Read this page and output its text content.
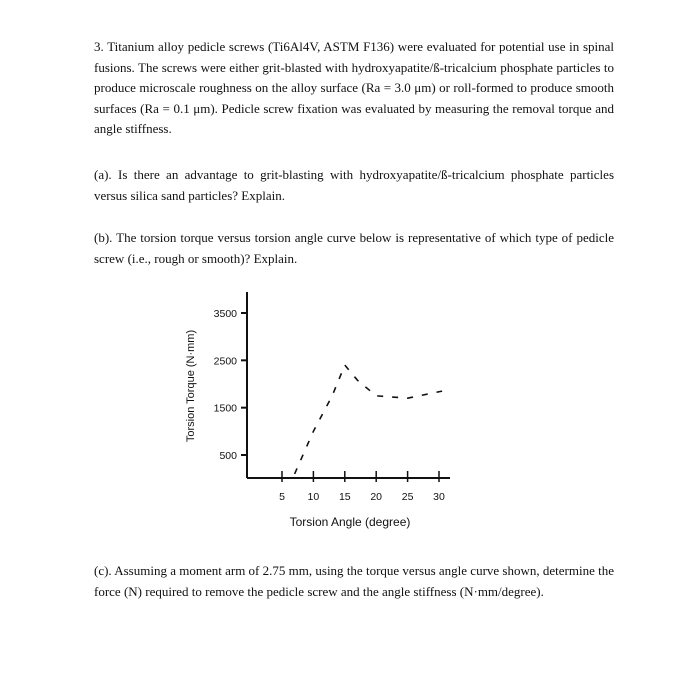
3. Titanium alloy pedicle screws (Ti6Al4V, ASTM F136) were evaluated for potential use in spinal fusions. The screws were either grit-blasted with hydroxyapatite/ß-tricalcium phosphate particles to produce microscale roughness on the alloy surface (Ra = 3.0 μm) or roll-formed to produce smooth surfaces (Ra = 0.1 μm). Pedicle screw fixation was evaluated by measuring the removal torque and angle stiffness.

(a). Is there an advantage to grit-blasting with hydroxyapatite/ß-tricalcium phosphate particles versus silica sand particles? Explain.

(b). The torsion torque versus torsion angle curve below is representative of which type of pedicle screw (i.e., rough or smooth)? Explain.

500
1500
2500
3500
5 10 15 20 25 30
Torsion Angle (degree)
Torsion Torque (N·mm)

(c). Assuming a moment arm of 2.75 mm, using the torque versus angle curve shown, determine the force (N) required to remove the pedicle screw and the angle stiffness (N·mm/degree).
